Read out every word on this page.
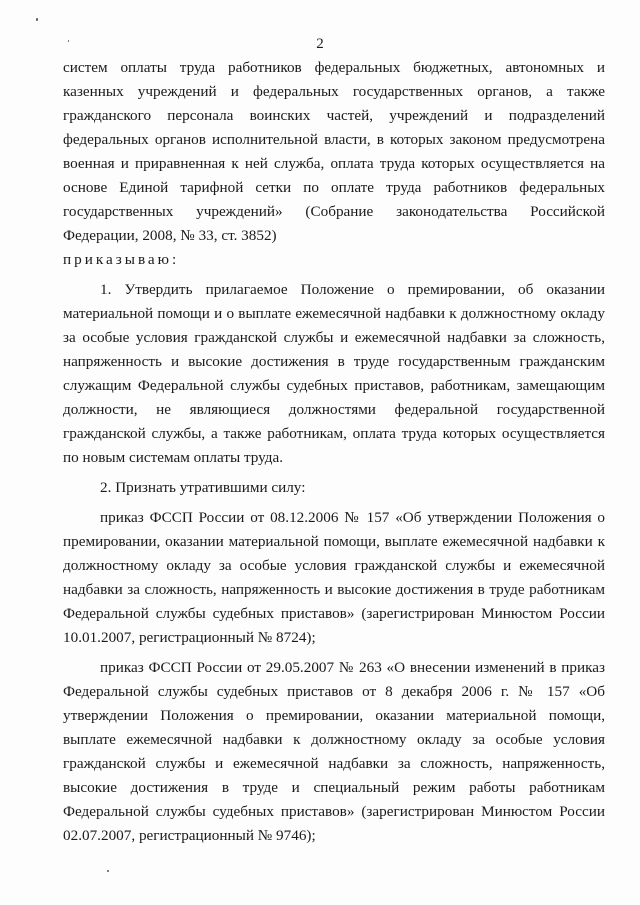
2

систем оплаты труда работников федеральных бюджетных, автономных и казенных учреждений и федеральных государственных органов, а также гражданского персонала воинских частей, учреждений и подразделений федеральных органов исполнительной власти, в которых законом предусмотрена военная и приравненная к ней служба, оплата труда которых осуществляется на основе Единой тарифной сетки по оплате труда работников федеральных государственных учреждений» (Собрание законодательства Российской Федерации, 2008, № 33, ст. 3852)

приказываю:

1. Утвердить прилагаемое Положение о премировании, об оказании материальной помощи и о выплате ежемесячной надбавки к должностному окладу за особые условия гражданской службы и ежемесячной надбавки за сложность, напряженность и высокие достижения в труде государственным гражданским служащим Федеральной службы судебных приставов, работникам, замещающим должности, не являющиеся должностями федеральной государственной гражданской службы, а также работникам, оплата труда которых осуществляется по новым системам оплаты труда.

2. Признать утратившими силу:

приказ ФССП России от 08.12.2006 № 157 «Об утверждении Положения о премировании, оказании материальной помощи, выплате ежемесячной надбавки к должностному окладу за особые условия гражданской службы и ежемесячной надбавки за сложность, напряженность и высокие достижения в труде работникам Федеральной службы судебных приставов» (зарегистрирован Минюстом России 10.01.2007, регистрационный № 8724);

приказ ФССП России от 29.05.2007 № 263 «О внесении изменений в приказ Федеральной службы судебных приставов от 8 декабря 2006 г. № 157 «Об утверждении Положения о премировании, оказании материальной помощи, выплате ежемесячной надбавки к должностному окладу за особые условия гражданской службы и ежемесячной надбавки за сложность, напряженность, высокие достижения в труде и специальный режим работы работникам Федеральной службы судебных приставов» (зарегистрирован Минюстом России 02.07.2007, регистрационный № 9746);
